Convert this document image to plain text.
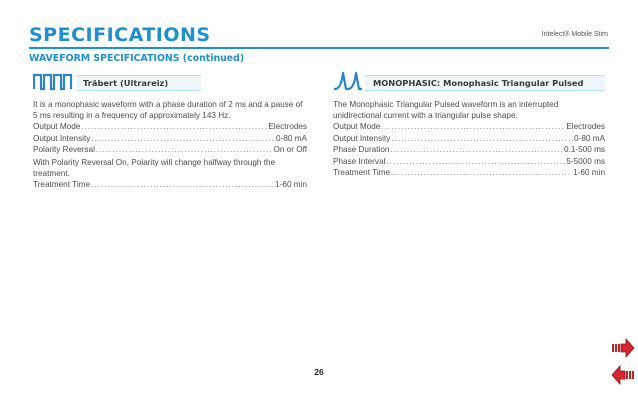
SPECIFICATIONS	Intelect® Mobile Stim
WAVEFORM SPECIFICATIONS (continued)
Träbert (Ultrareiz)

It is a monophasic waveform with a phase duration of 2 ms and a pause of 5 ms resulting in a frequency of approximately 143 Hz.

Output Mode .....	Electrodes
Output Intensity .....	0-80 mA
Polarity Reversal .....	On or Off

With Polarity Reversal On, Polarity will change halfway through the treatment.

Treatment Time .....	1-60 min
MONOPHASIC: Monophasic Triangular Pulsed

The Monophasic Triangular Pulsed waveform is an interrupted unidirectional current with a triangular pulse shape.

Output Mode .....	Electrodes
Output Intensity .....	0-80 mA
Phase Duration .....	0.1-500 ms
Phase Interval .....	5-5000 ms
Treatment Time .....	1-60 min
26
